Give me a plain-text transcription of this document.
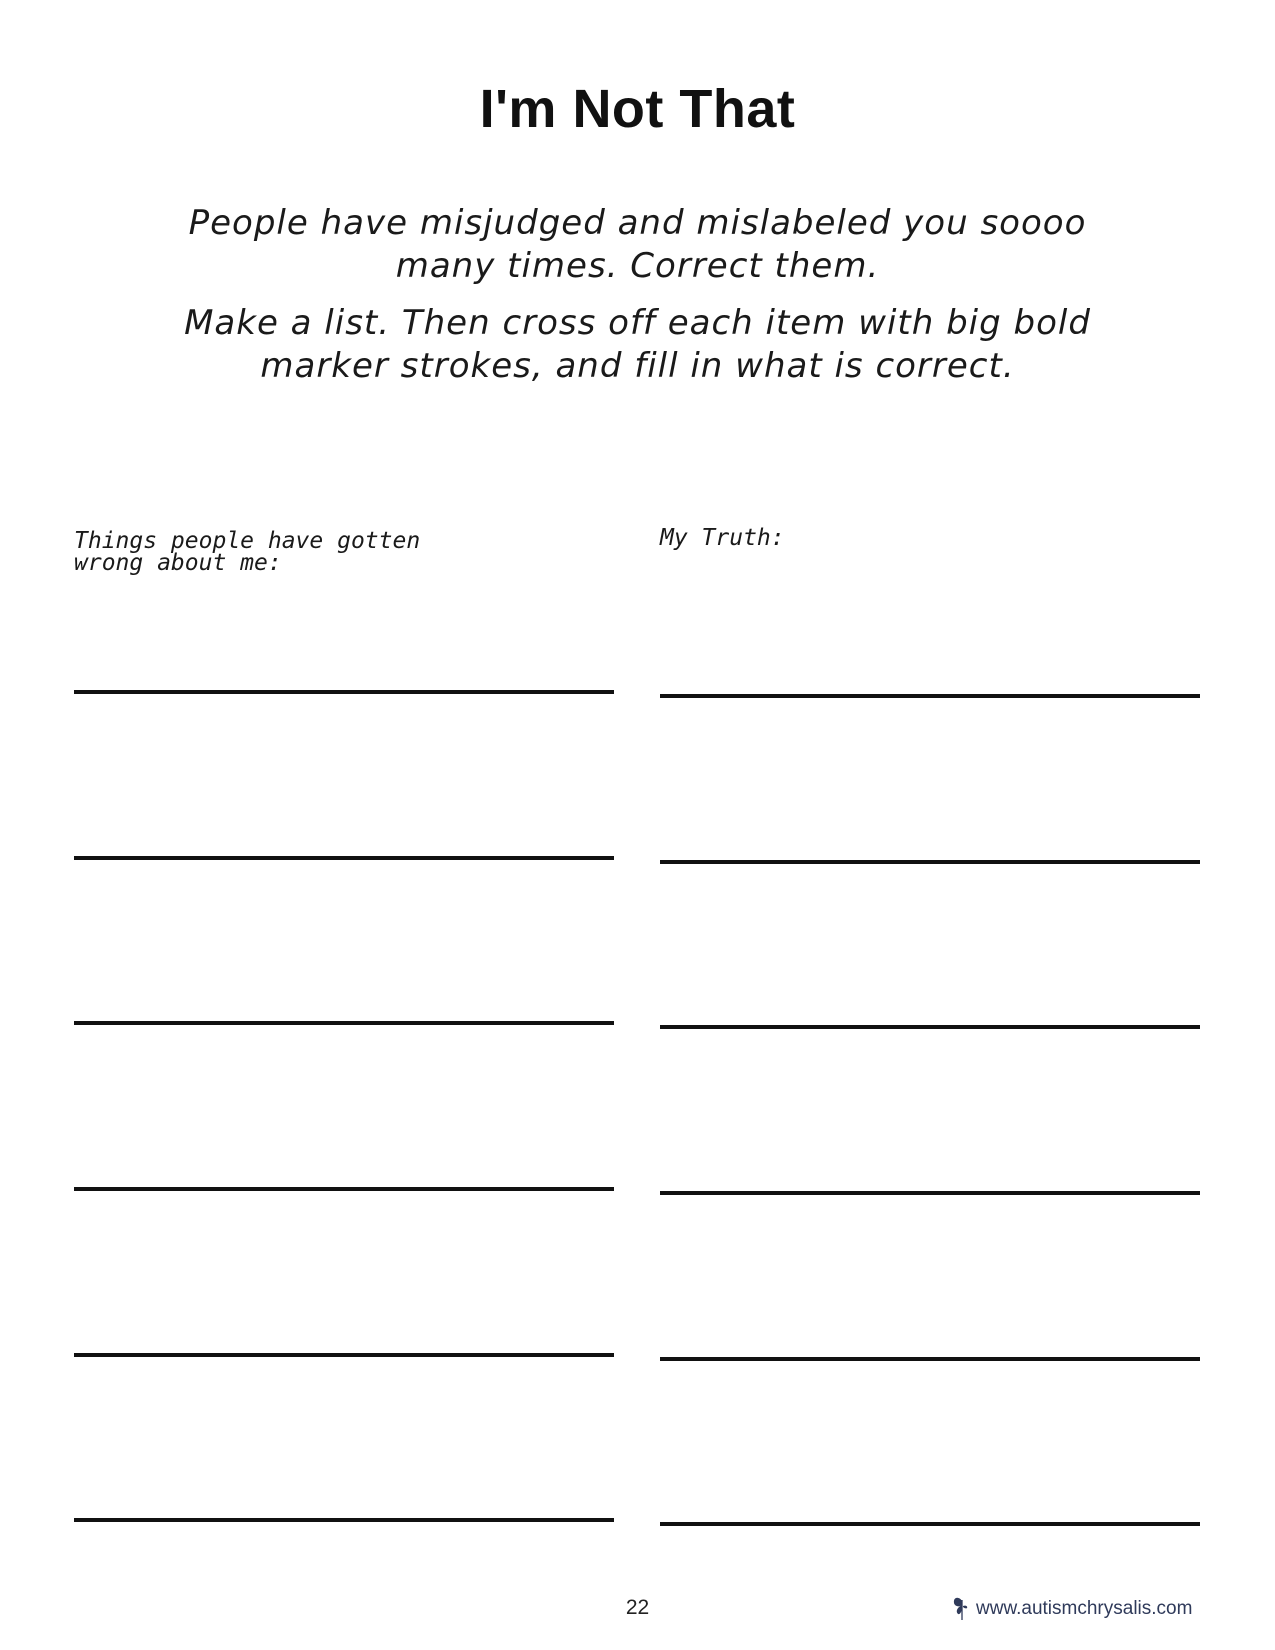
I'm Not That
People have misjudged and mislabeled you soooo many times. Correct them.
Make a list. Then cross off each item with big bold marker strokes, and fill in what is correct.
Things people have gotten wrong about me:
My Truth:
22	www.autismchrysalis.com
